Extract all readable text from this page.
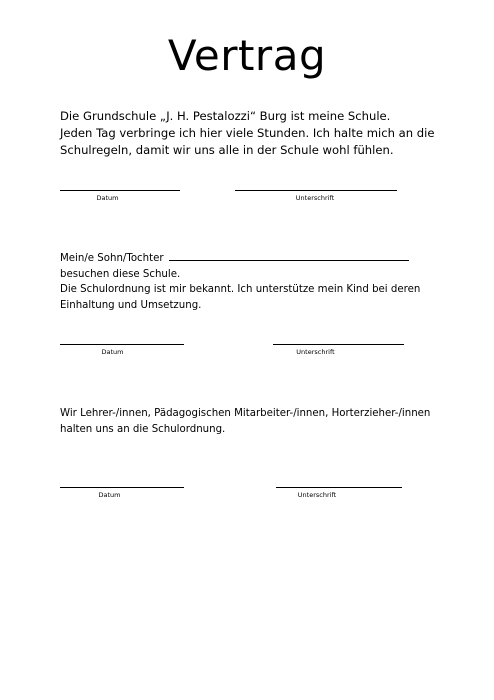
Vertrag

Die Grundschule „J. H. Pestalozzi“ Burg ist meine Schule.

Jeden Tag verbringe ich hier viele Stunden. Ich halte mich an die

Schulregeln, damit wir uns alle in der Schule wohl fühlen.

Datum	Unterschrift

Mein/e Sohn/Tochter

besuchen diese Schule.

Die Schulordnung ist mir bekannt. Ich unterstütze mein Kind bei deren

Einhaltung und Umsetzung.

Datum	Unterschrift

Wir Lehrer-/innen, Pädagogischen Mitarbeiter-/innen, Horterzieher-/innen

halten uns an die Schulordnung.

Datum	Unterschrift
